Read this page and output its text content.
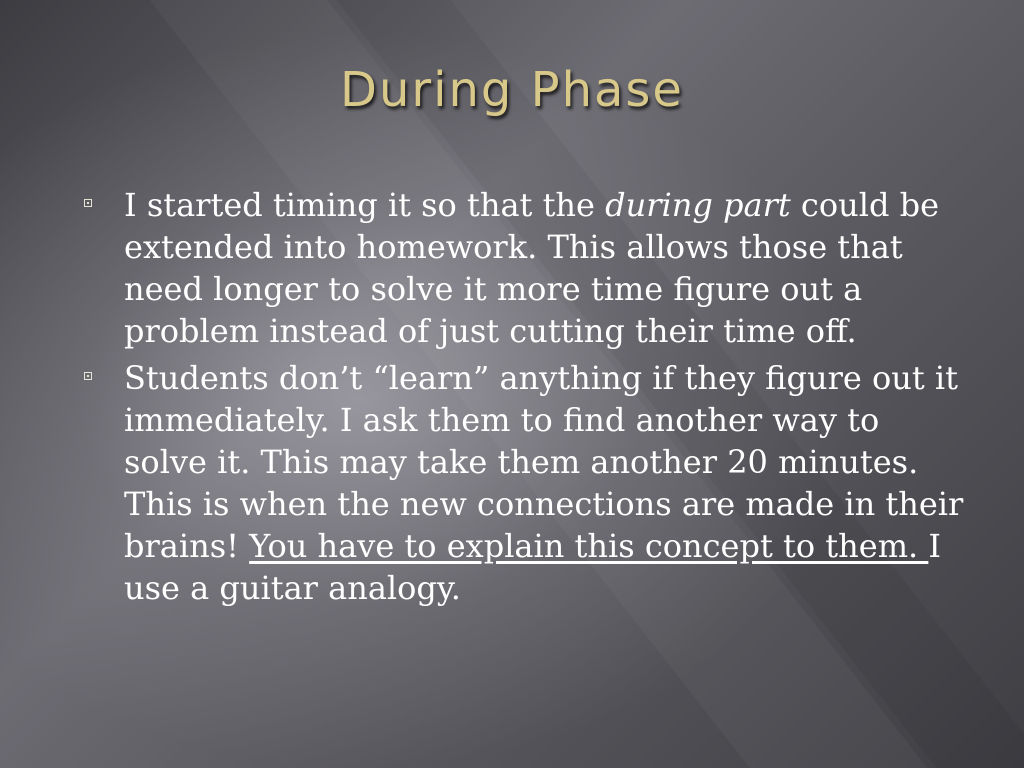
During Phase

I started timing it so that the during part could be extended into homework. This allows those that need longer to solve it more time figure out a problem instead of just cutting their time off.

Students don’t “learn” anything if they figure out it immediately. I ask them to find another way to solve it. This may take them another 20 minutes. This is when the new connections are made in their brains! You have to explain this concept to them. I use a guitar analogy.
